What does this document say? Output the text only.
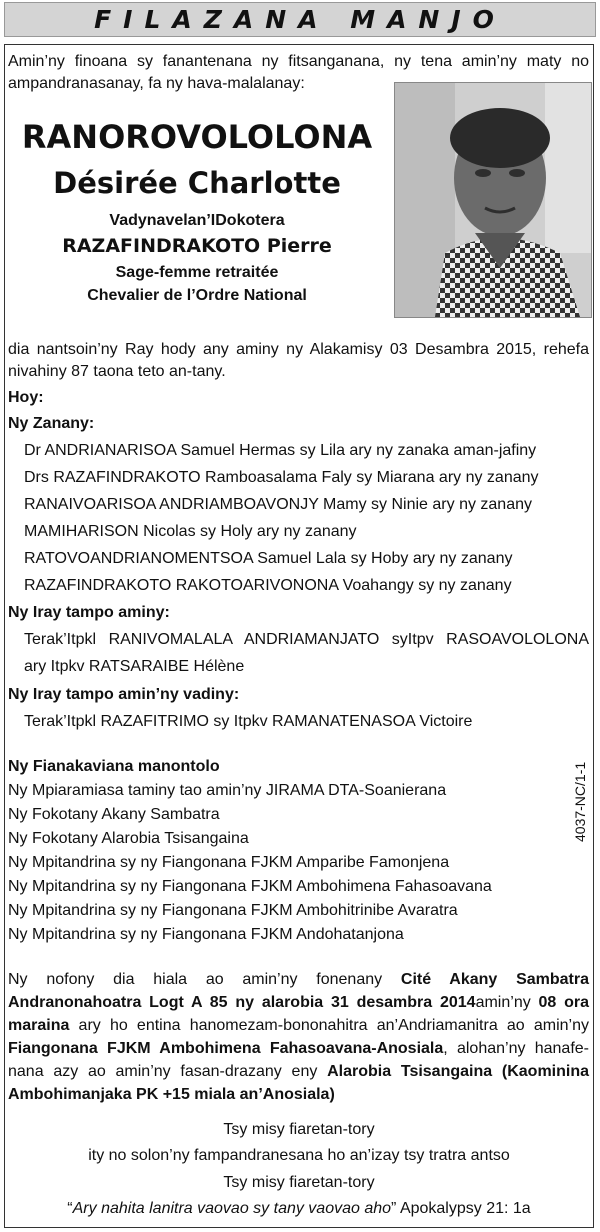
FILAZANA MANJO
Amin’ny finoana sy fanantenana ny fitsanganana, ny tena amin’ny maty no
ampandranasanay, fa ny hava-malalanay:
RANOROVOLOLONA
Désirée Charlotte
Vadynavelan’IDokotera
RAZAFINDRAKOTO Pierre
Sage-femme retraitée
Chevalier de l’Ordre National
dia nantsoin’ny Ray hody any aminy ny Alakamisy 03 Desambra 2015, rehefa
nivahiny 87 taona teto an-tany.
Hoy:
Ny Zanany:
Dr ANDRIANARISOA Samuel Hermas sy Lila ary ny zanaka aman-jafiny
Drs RAZAFINDRAKOTO Ramboasalama Faly sy Miarana ary ny zanany
RANAIVOARISOA ANDRIAMBOAVONJY Mamy sy Ninie ary ny zanany
MAMIHARISON Nicolas sy Holy ary ny zanany
RATOVOANDRIANOMENTSOA Samuel Lala sy Hoby ary ny zanany
RAZAFINDRAKOTO RAKOTOARIVONONA Voahangy sy ny zanany
Ny Iray tampo aminy:
Terak’Itpkl RANIVOMALALA ANDRIAMANJATO syItpv RASOAVOLOLONA
ary Itpkv RATSARAIBE Hélène
Ny Iray tampo amin’ny vadiny:
Terak’Itpkl RAZAFITRIMO sy Itpkv RAMANATENASOA Victoire
Ny Fianakaviana manontolo
Ny Mpiaramiasa taminy tao amin’ny JIRAMA DTA-Soanierana
Ny Fokotany Akany Sambatra
Ny Fokotany Alarobia Tsisangaina
Ny Mpitandrina sy ny Fiangonana FJKM Amparibe Famonjena
Ny Mpitandrina sy ny Fiangonana FJKM Ambohimena Fahasoavana
Ny Mpitandrina sy ny Fiangonana FJKM Ambohitrinibe Avaratra
Ny Mpitandrina sy ny Fiangonana FJKM Andohatanjona
4037-NC/1-1
Ny nofony dia hiala ao amin’ny fonenany Cité Akany Sambatra
Andranonahoatra Logt A 85 ny alarobia 31 desambra 2014amin’ny 08 ora
maraina ary ho entina hanomezam-bononahitra an’Andriamanitra ao amin’ny
Fiangonana FJKM Ambohimena Fahasoavana-Anosiala, alohan’ny hanafe-
nana azy ao amin’ny fasan-drazany eny Alarobia Tsisangaina (Kaominina
Ambohimanjaka PK +15 miala an’Anosiala)
Tsy misy fiaretan-tory
ity no solon’ny fampandranesana ho an’izay tsy tratra antso
Tsy misy fiaretan-tory
“Ary nahita lanitra vaovao sy tany vaovao aho” Apokalypsy 21: 1a
